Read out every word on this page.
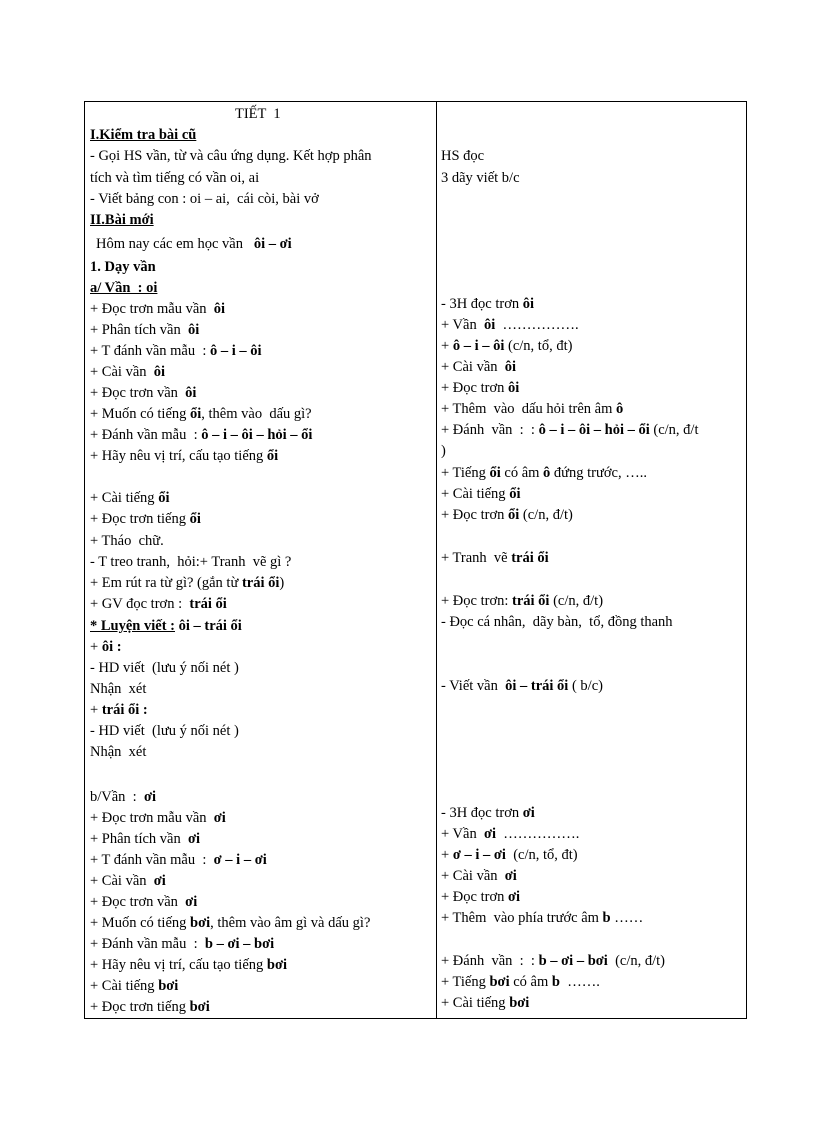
TIẾT  1
I.Kiểm tra bài cũ
- Gọi HS vần, từ và câu ứng dụng. Kết hợp phân
tích và tìm tiếng có vần oi, ai
- Viết bảng con : oi – ai,  cái còi, bài vở
II.Bài mới
Hôm nay các em học vần   ôi – ơi
1. Dạy vần
a/ Vần  : oi
+ Đọc trơn mẫu vần  ôi
+ Phân tích vần  ôi
+ T đánh vần mẫu  : ô – i – ôi
+ Cài vần  ôi
+ Đọc trơn vần  ôi
+ Muốn có tiếng ổi, thêm vào  dấu gì?
+ Đánh vần mẫu  : ô – i – ôi – hỏi – ổi
+ Hãy nêu vị trí, cấu tạo tiếng ổi
+ Cài tiếng ổi
+ Đọc trơn tiếng ổi
+ Tháo  chữ.
- T treo tranh,  hỏi:+ Tranh  vẽ gì ?
+ Em rút ra từ gì? (gắn từ trái ổi)
+ GV đọc trơn :  trái ổi
* Luyện viết : ôi – trái ổi
+ ôi :
- HD viết  (lưu ý nối nét )
Nhận  xét
+ trái ổi :
- HD viết  (lưu ý nối nét )
Nhận  xét
b/Vần  :  ơi
+ Đọc trơn mẫu vần  ơi
+ Phân tích vần  ơi
+ T đánh vần mẫu  :  ơ – i – ơi
+ Cài vần  ơi
+ Đọc trơn vần  ơi
+ Muốn có tiếng bơi, thêm vào âm gì và dấu gì?
+ Đánh vần mẫu  :  b – ơi – bơi
+ Hãy nêu vị trí, cấu tạo tiếng bơi
+ Cài tiếng bơi
+ Đọc trơn tiếng bơi
HS đọc
3 dãy viết b/c
- 3H đọc trơn ôi
+ Vần  ôi  …………….
+ ô – i – ôi (c/n, tổ, đt)
+ Cài vần  ôi
+ Đọc trơn ôi
+ Thêm  vào  dấu hỏi trên âm ô
+ Đánh  vần  :  : ô – i – ôi – hỏi – ổi (c/n, đ/t
)
+ Tiếng ổi có âm ô đứng trước, …..
+ Cài tiếng ổi
+ Đọc trơn ổi (c/n, đ/t)
+ Tranh  vẽ trái ổi
+ Đọc trơn: trái ổi (c/n, đ/t)
- Đọc cá nhân,  dãy bàn,  tổ, đồng thanh
- Viết vần  ôi – trái ổi ( b/c)
- 3H đọc trơn ơi
+ Vần  ơi  …………….
+ ơ – i – ơi  (c/n, tổ, đt)
+ Cài vần  ơi
+ Đọc trơn ơi
+ Thêm  vào phía trước âm b ……
+ Đánh  vần  :  : b – ơi – bơi  (c/n, đ/t)
+ Tiếng bơi có âm b  …….
+ Cài tiếng bơi
